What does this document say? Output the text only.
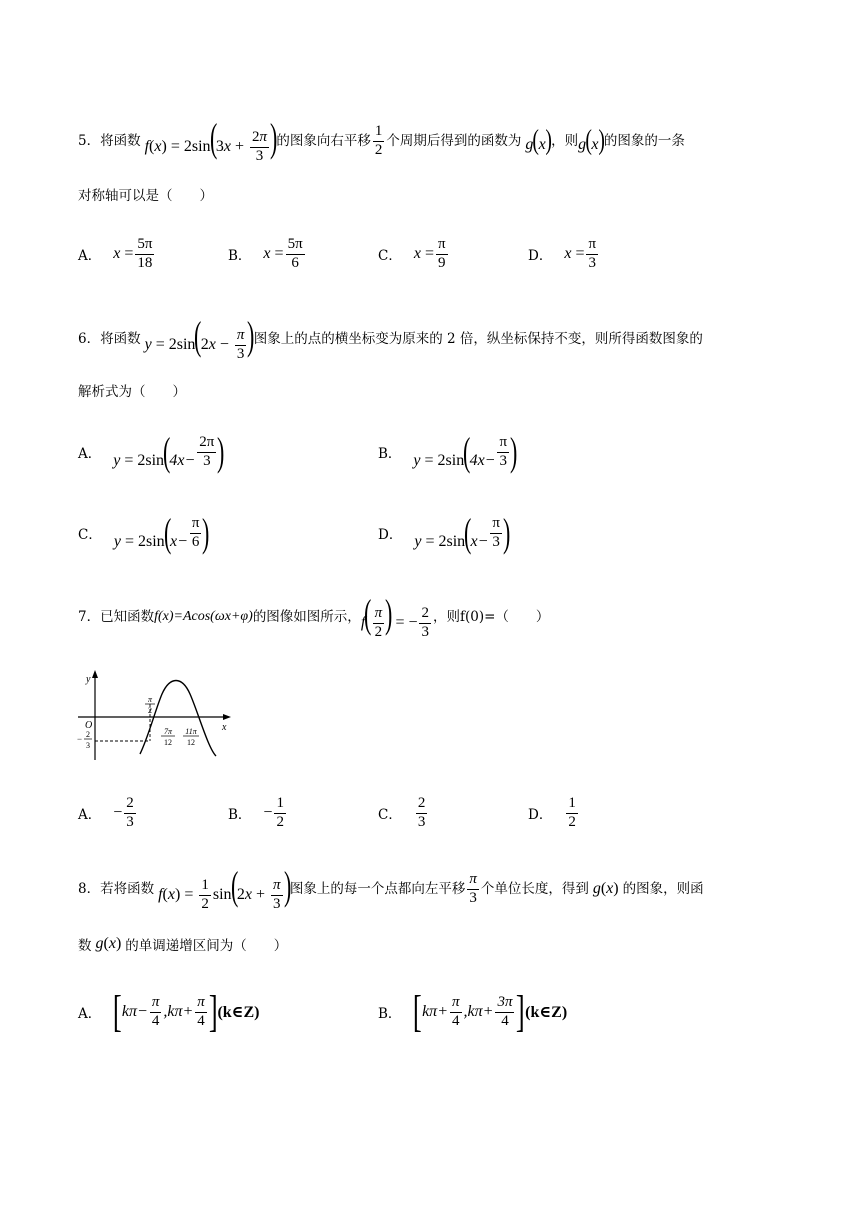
5． 将函数 $f(x) = 2\sin(3x + \frac{2\pi}{3}$ )
的图象向右平移 $\frac{1}{2}$ 个周期后得到的函数为 g(x) ，则 g(x) 的图象的一条
对称轴可以是（　　）
A． $x = \frac{5\pi}{18}$	B． $x = \frac{5\pi}{6}$	C． $x = \frac{\pi}{9}$	D． $x = \frac{\pi}{3}$
6． 将函数 $y = 2\sin(2x - \frac{\pi}{3}$ )
图象上的点的横坐标变为原来的 2 倍，纵坐标保持不变，则所得函数图象的
解析式为（　　）
A． $y = 2\sin(4x- \frac{2\pi}{3}$ )	B． $y = 2\sin(4x- \frac{\pi}{3}$ )
C． $y = 2\sin(x- \frac{\pi}{6}$ )	D． $y = 2\sin(x- \frac{\pi}{3}$ )
7． 已知函数 f(x)=Acos(ωx+φ) 的图像如图所示， $f( \frac{\pi}{2}$ ) = − $\frac{2}{3}$ ，则 f(0)=（　　）
y
x
O
π
2
− 2
3
7π
12
11π
12
A． − $\frac{2}{3}$	B． − $\frac{1}{2}$	C． $\frac{2}{3}$	D． $\frac{1}{2}$
8． 若将函数 $f(x) = \frac{1}{2} \sin(2x + \frac{\pi}{3}$ )
图象上的每一个点都向左平移 $\frac{\pi}{3}$ 个单位长度，得到 g(x) 的图象，则函
数 g(x) 的单调递增区间为（　　）
A． [ $k\pi- \frac{\pi}{4} ,k\pi+ \frac{\pi}{4}$ ] (k∈Z)	B． [ $k\pi+ \frac{\pi}{4} ,k\pi+ \frac{3\pi}{4}$ ] (k∈Z)
